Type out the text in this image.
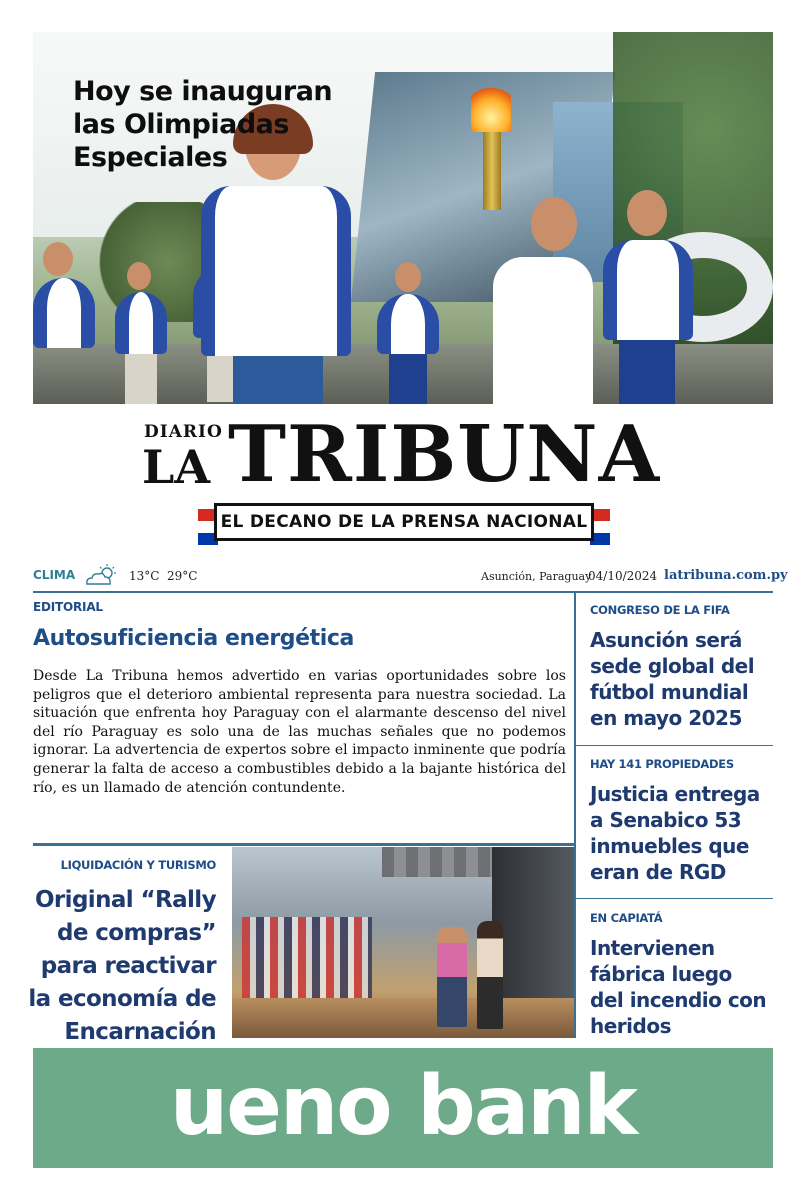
Hoy se inauguran las Olimpiadas Especiales
DIARIO
LA TRIBUNA
EL DECANO DE LA PRENSA NACIONAL
CLIMA	13°C 29°C	Asunción, Paraguay
04/10/2024 latribuna.com.py
EDITORIAL
Autosuficiencia energética
Desde La Tribuna hemos advertido en varias oportunidades sobre los peligros que el deterioro ambiental representa para nuestra sociedad. La situación que enfrenta hoy Paraguay con el alarmante descenso del nivel del río Paraguay es solo una de las muchas señales que no podemos ignorar. La advertencia de expertos sobre el impacto inminente que podría generar la falta de acceso a combustibles debido a la bajante histórica del río, es un llamado de atención contundente.
CONGRESO DE LA FIFA
Asunción será sede global del fútbol mundial en mayo 2025
HAY 141 PROPIEDADES
Justicia entrega a Senabico 53 inmuebles que eran de RGD
EN CAPIATÁ
Intervienen fábrica luego del incendio con heridos
LIQUIDACIÓN Y TURISMO
Original “Rally de compras” para reactivar la economía de Encarnación
ueno bank
